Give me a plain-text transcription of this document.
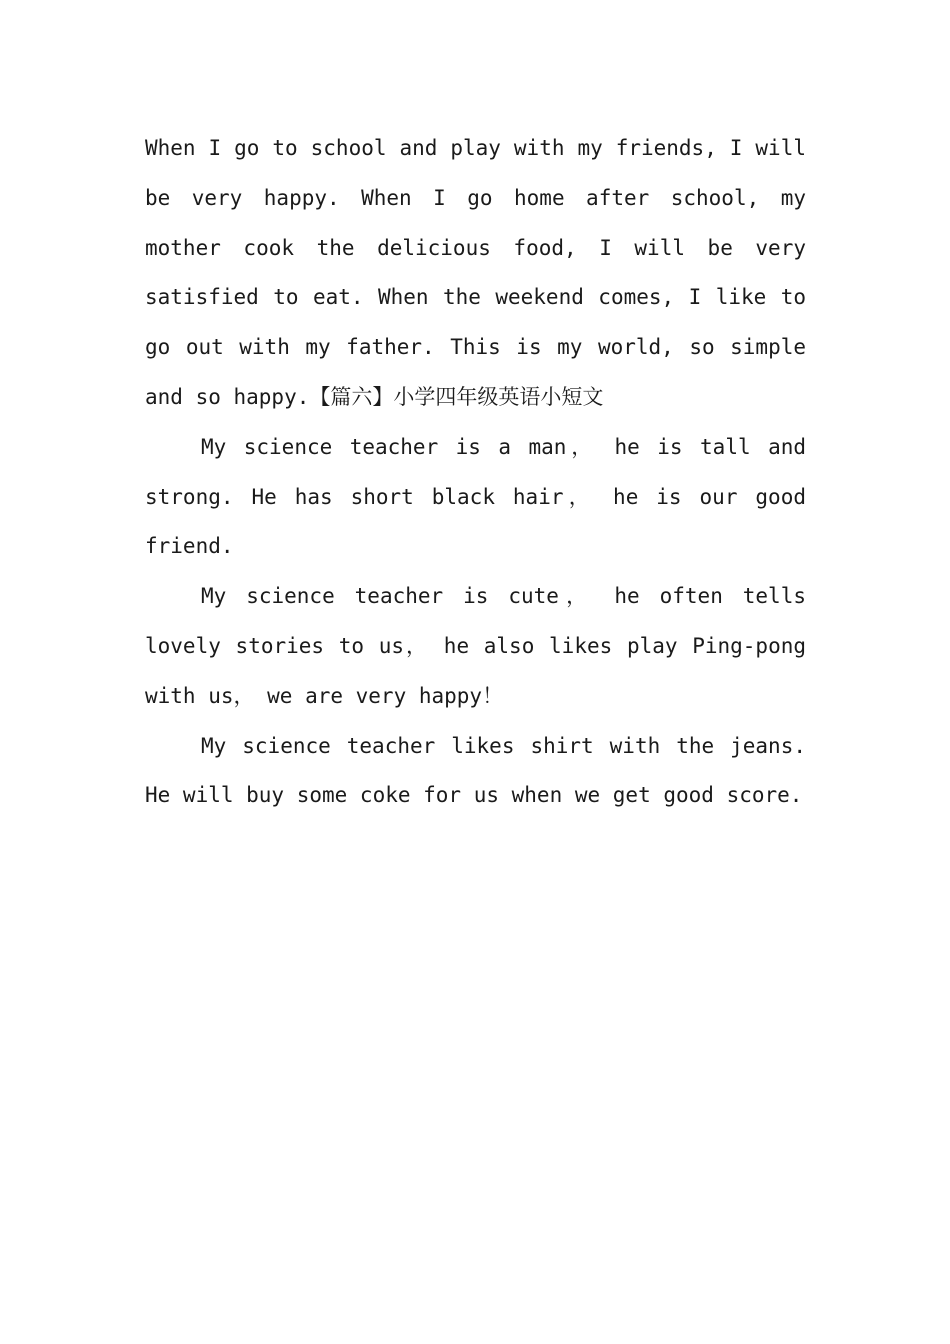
When I go to school and play with my friends, I will be very happy. When I go home after school, my mother cook the delicious food, I will be very satisfied to eat. When the weekend comes, I like to go out with my father. This is my world, so simple and so happy.【篇六】小学四年级英语小短文

My science teacher is a man， he is tall and strong. He has short black hair， he is our good friend.

My science teacher is cute， he often tells lovely stories to us， he also likes play Ping-pong with us， we are very happy！

My science teacher likes shirt with the jeans. He will buy some coke for us when we get good score.
